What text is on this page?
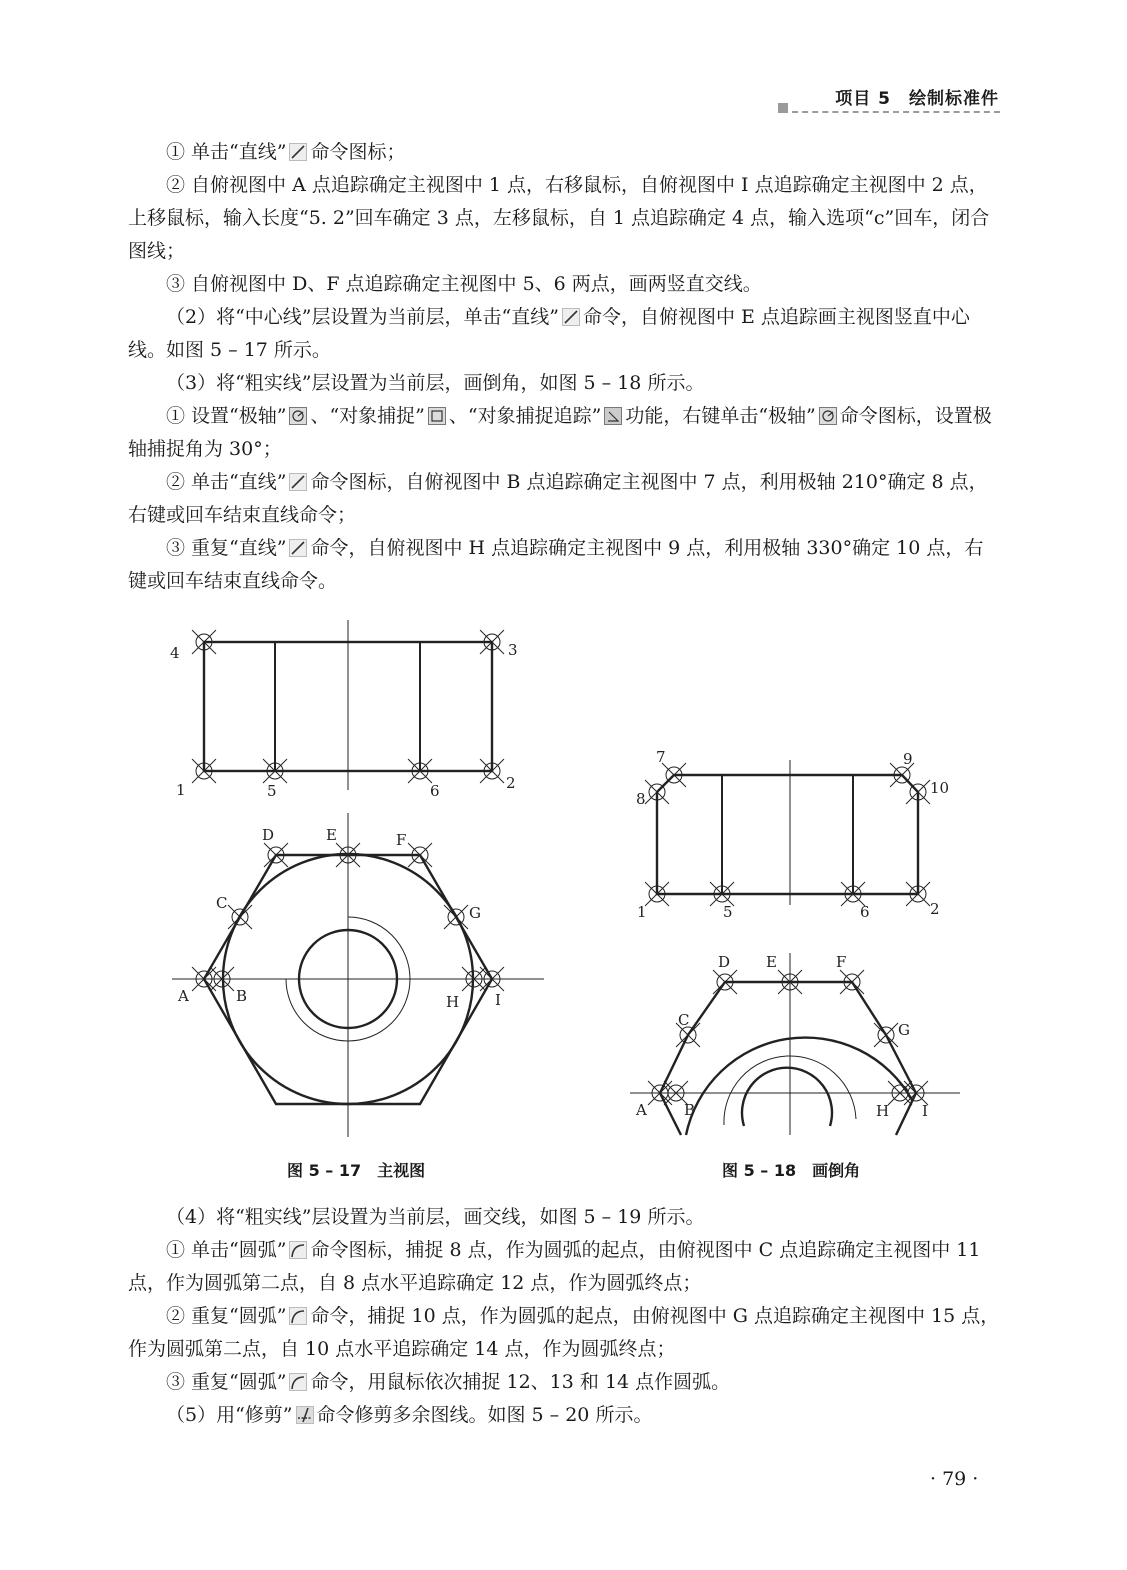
项目 5　绘制标准件

① 单击“直线” 命令图标；

② 自俯视图中 A 点追踪确定主视图中 1 点，右移鼠标，自俯视图中 I 点追踪确定主视图中 2 点，上移鼠标，输入长度“5. 2”回车确定 3 点，左移鼠标，自 1 点追踪确定 4 点，输入选项“c”回车，闭合图线；

③ 自俯视图中 D、F 点追踪确定主视图中 5、6 两点，画两竖直交线。

（2）将“中心线”层设置为当前层，单击“直线” 命令，自俯视图中 E 点追踪画主视图竖直中心线。如图 5 – 17 所示。

（3）将“粗实线”层设置为当前层，画倒角，如图 5 – 18 所示。

① 设置“极轴” 、“对象捕捉” 、“对象捕捉追踪” 功能，右键单击“极轴” 命令图标，设置极轴捕捉角为 30°；

② 单击“直线” 命令图标，自俯视图中 B 点追踪确定主视图中 7 点，利用极轴 210°确定 8 点，右键或回车结束直线命令；

③ 重复“直线” 命令，自俯视图中 H 点追踪确定主视图中 9 点，利用极轴 330°确定 10 点，右键或回车结束直线命令。

4	3
1	5	6	2
D	E	F
C
G
A	B	H I
7	9
8
10
1	5	6	2
D E	F
C
G
A B	H I
图 5 – 17　主视图	图 5 – 18　画倒角

（4）将“粗实线”层设置为当前层，画交线，如图 5 – 19 所示。

① 单击“圆弧” 命令图标，捕捉 8 点，作为圆弧的起点，由俯视图中 C 点追踪确定主视图中 11 点，作为圆弧第二点，自 8 点水平追踪确定 12 点，作为圆弧终点；

② 重复“圆弧” 命令，捕捉 10 点，作为圆弧的起点，由俯视图中 G 点追踪确定主视图中 15 点，作为圆弧第二点，自 10 点水平追踪确定 14 点，作为圆弧终点；

③ 重复“圆弧” 命令，用鼠标依次捕捉 12、13 和 14 点作圆弧。

（5）用“修剪” 命令修剪多余图线。如图 5 – 20 所示。

· 79 ·
